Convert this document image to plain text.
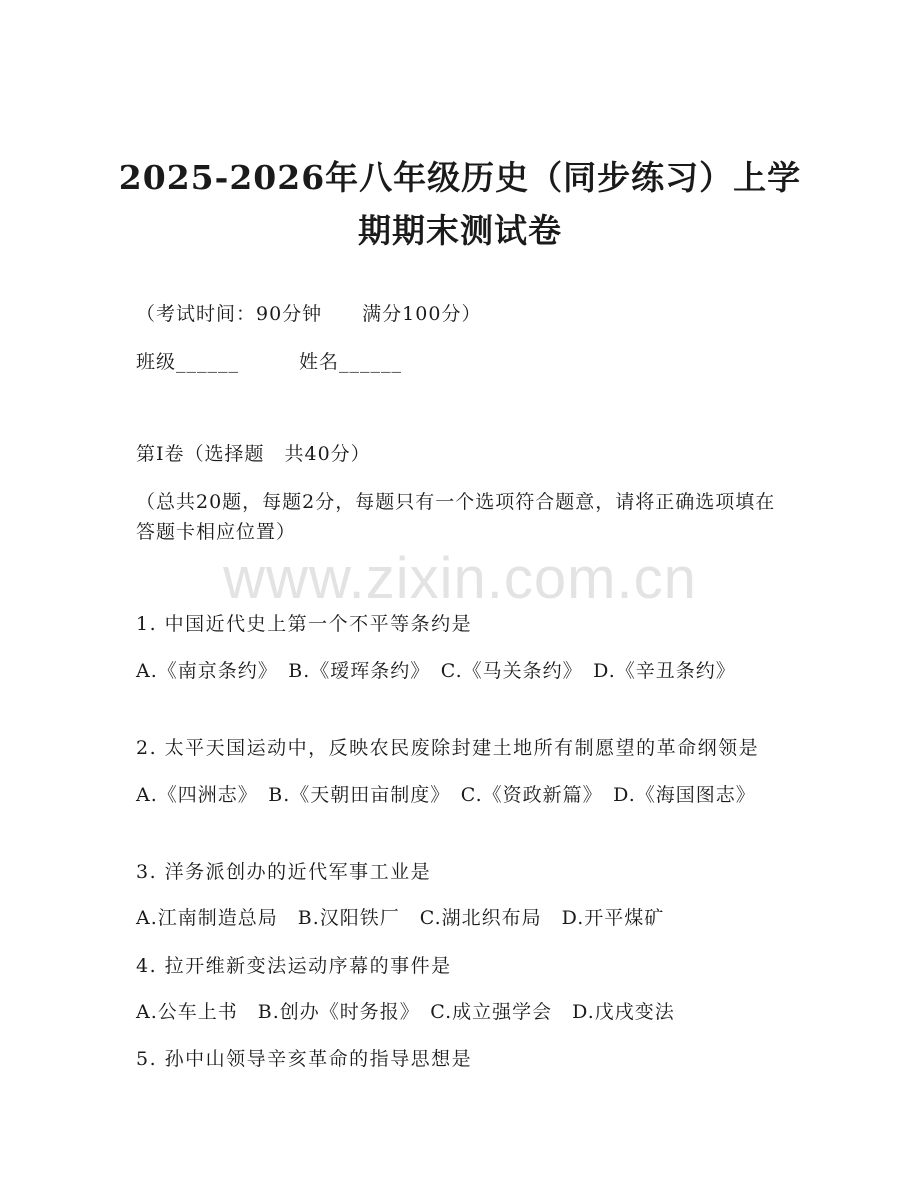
2025-2026年八年级历史（同步练习）上学
期期末测试卷
（考试时间：90分钟　　满分100分）
班级______　　　姓名______
第Ⅰ卷（选择题　共40分）
（总共20题，每题2分，每题只有一个选项符合题意，请将正确选项填在答题卡相应位置）
www.zixin.com.cn
1. 中国近代史上第一个不平等条约是
A.《南京条约》　B.《瑷珲条约》　C.《马关条约》　D.《辛丑条约》
2. 太平天国运动中，反映农民废除封建土地所有制愿望的革命纲领是
A.《四洲志》　B.《天朝田亩制度》　C.《资政新篇》　D.《海国图志》
3. 洋务派创办的近代军事工业是
A.江南制造总局　B.汉阳铁厂　C.湖北织布局　D.开平煤矿
4. 拉开维新变法运动序幕的事件是
A.公车上书　B.创办《时务报》　C.成立强学会　D.戊戌变法
5. 孙中山领导辛亥革命的指导思想是
